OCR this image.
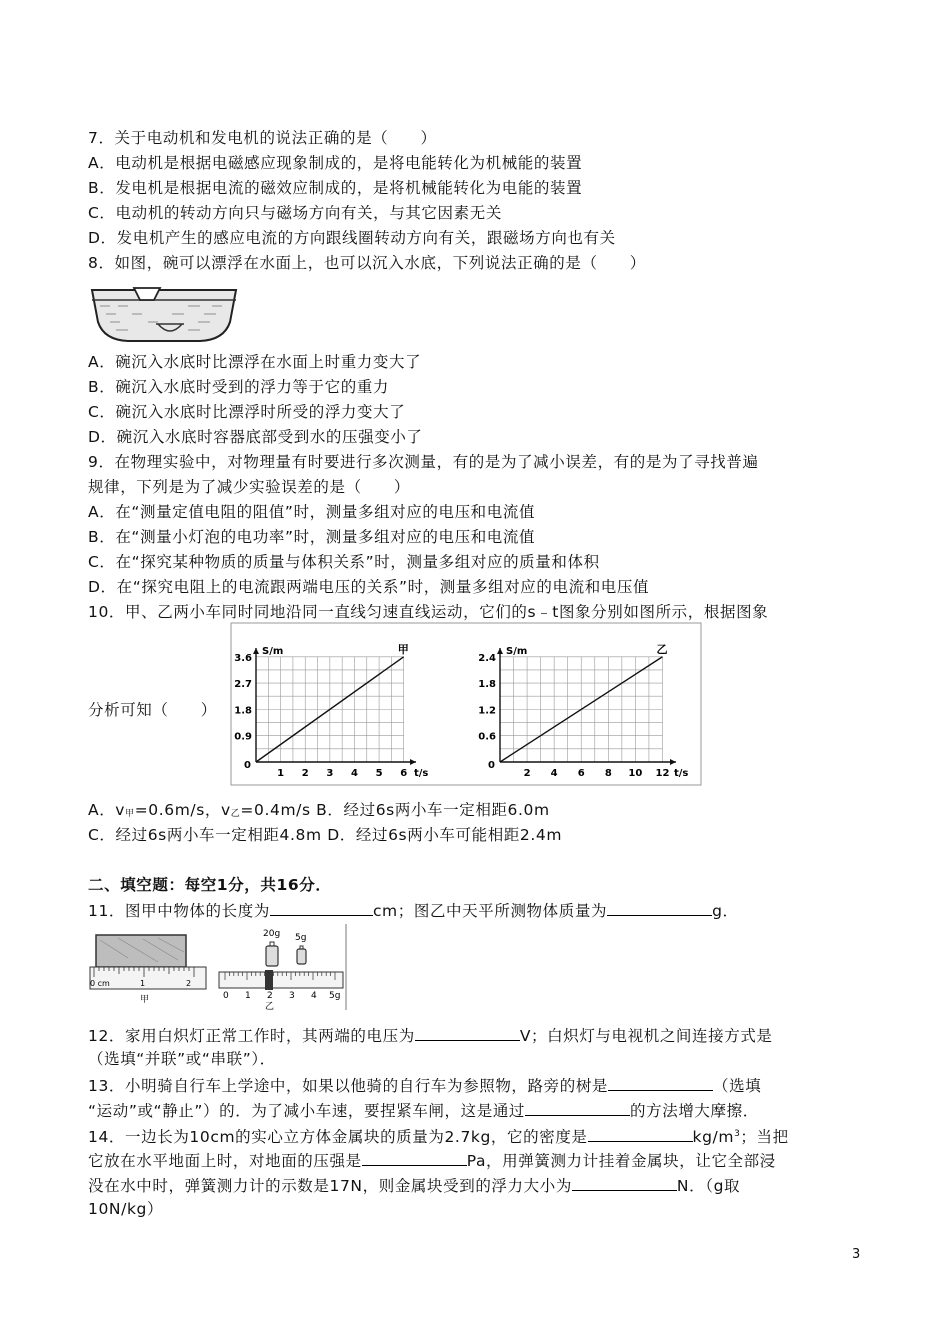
7．关于电动机和发电机的说法正确的是（　　）
A．电动机是根据电磁感应现象制成的，是将电能转化为机械能的装置
B．发电机是根据电流的磁效应制成的，是将机械能转化为电能的装置
C．电动机的转动方向只与磁场方向有关，与其它因素无关
D．发电机产生的感应电流的方向跟线圈转动方向有关，跟磁场方向也有关
8．如图，碗可以漂浮在水面上，也可以沉入水底，下列说法正确的是（　　）
A．碗沉入水底时比漂浮在水面上时重力变大了
B．碗沉入水底时受到的浮力等于它的重力
C．碗沉入水底时比漂浮时所受的浮力变大了
D．碗沉入水底时容器底部受到水的压强变小了
9．在物理实验中，对物理量有时要进行多次测量，有的是为了减小误差，有的是为了寻找普遍
规律，下列是为了减少实验误差的是（　　）
A．在“测量定值电阻的阻值”时，测量多组对应的电压和电流值
B．在“测量小灯泡的电功率”时，测量多组对应的电压和电流值
C．在“探究某种物质的质量与体积关系”时，测量多组对应的质量和体积
D．在“探究电阻上的电流跟两端电压的关系”时，测量多组对应的电流和电压值
10．甲、乙两小车同时同地沿同一直线匀速直线运动，它们的s﹣t图象分别如图所示，根据图象
分析可知（　　）
S/m
t/s
0
1 2 3 4 5 6
0.9
1.8
2.7
3.6
甲	S/m
t/s
0
2 4 6 8 10 12
0.6
1.2
1.8
2.4
乙
A．v甲=0.6m/s，v乙=0.4m/s B．经过6s两小车一定相距6.0m
C．经过6s两小车一定相距4.8m D．经过6s两小车可能相距2.4m
二、填空题：每空1分，共16分．
11．图甲中物体的长度为	cm；图乙中天平所测物体质量为	g．
0 cm	1	2
甲
20g 5g
0 1 2 3 4 5g
乙
12．家用白炽灯正常工作时，其两端的电压为	V；白炽灯与电视机之间连接方式是
（选填“并联”或“串联”）．
13．小明骑自行车上学途中，如果以他骑的自行车为参照物，路旁的树是	（选填
“运动”或“静止”）的．为了减小车速，要捏紧车闸，这是通过	的方法增大摩擦．
14．一边长为10cm的实心立方体金属块的质量为2.7kg，它的密度是	$kg/m^3$；当把
它放在水平地面上时，对地面的压强是	Pa，用弹簧测力计挂着金属块，让它全部浸
没在水中时，弹簧测力计的示数是17N，则金属块受到的浮力大小为	N．（g取
10N/kg）
3
